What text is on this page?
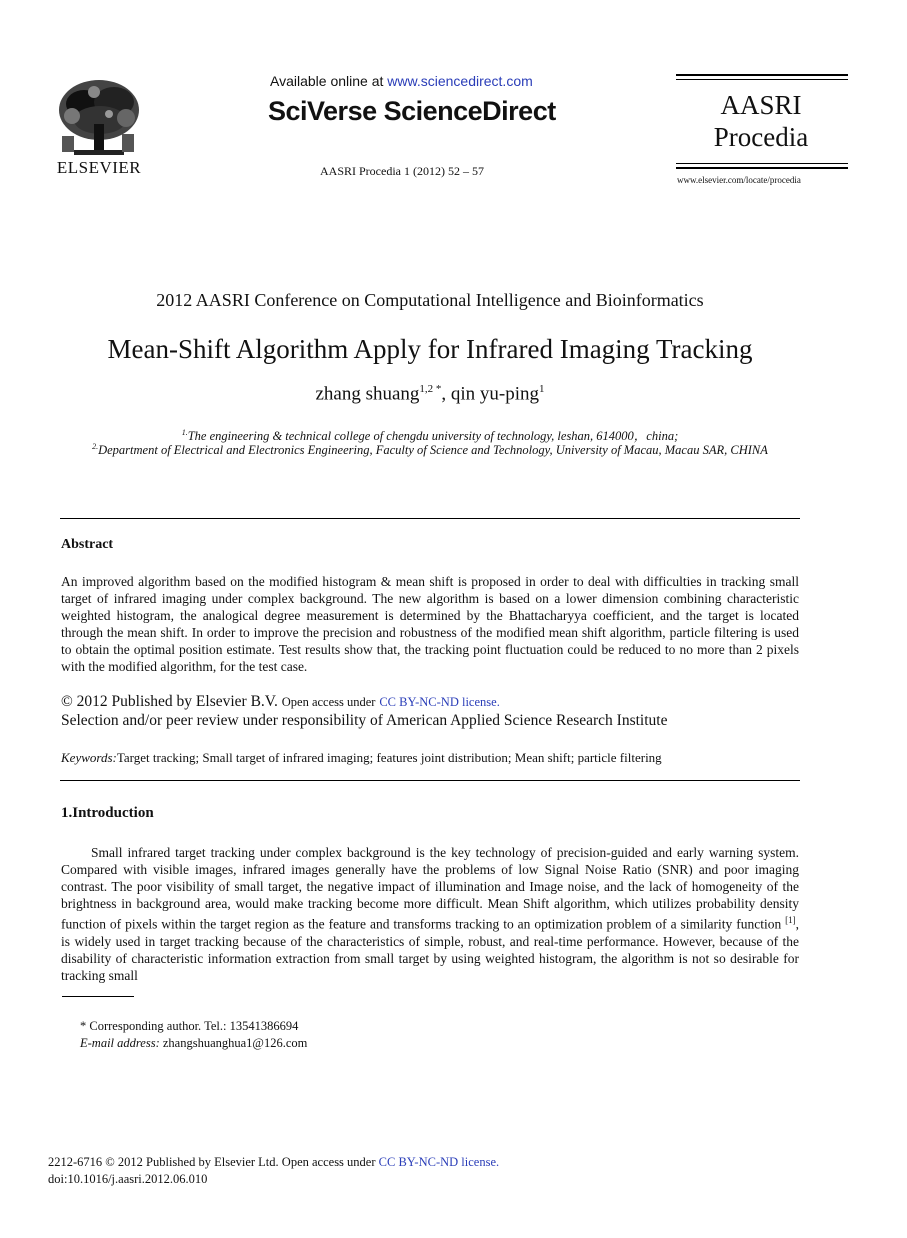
ELSEVIER
Available online at www.sciencedirect.com
SciVerse ScienceDirect
AASRI Procedia 1 (2012) 52 – 57
AASRI
Procedia
www.elsevier.com/locate/procedia
2012 AASRI Conference on Computational Intelligence and Bioinformatics
Mean-Shift Algorithm Apply for Infrared Imaging Tracking
zhang shuang$^{1,2 *}$, qin yu-ping$^1$
$^{1.}$The engineering & technical college of chengdu university of technology, leshan, 614000，china;
$^{2.}$Department of Electrical and Electronics Engineering, Faculty of Science and Technology, University of Macau, Macau SAR, CHINA
Abstract
An improved algorithm based on the modified histogram & mean shift is proposed in order to deal with difficulties in tracking small target of infrared imaging under complex background. The new algorithm is based on a lower dimension combining characteristic weighted histogram, the analogical degree measurement is determined by the Bhattacharyya coefficient, and the target is located through the mean shift. In order to improve the precision and robustness of the modified mean shift algorithm, particle filtering is used to obtain the optimal position estimate. Test results show that, the tracking point fluctuation could be reduced to no more than 2 pixels with the modified algorithm, for the test case.
© 2012 Published by Elsevier B.V. Open access under CC BY-NC-ND license.
Selection and/or peer review under responsibility of American Applied Science Research Institute
Keywords:Target tracking; Small target of infrared imaging; features joint distribution; Mean shift; particle filtering
1.Introduction
Small infrared target tracking under complex background is the key technology of precision-guided and early warning system. Compared with visible images, infrared images generally have the problems of low Signal Noise Ratio (SNR) and poor imaging contrast. The poor visibility of small target, the negative impact of illumination and Image noise, and the lack of homogeneity of the brightness in background area, would make tracking become more difficult. Mean Shift algorithm, which utilizes probability density function of pixels within the target region as the feature and transforms tracking to an optimization problem of a similarity function [1], is widely used in target tracking because of the characteristics of simple, robust, and real-time performance. However, because of the disability of characteristic information extraction from small target by using weighted histogram, the algorithm is not so desirable for tracking small
* Corresponding author. Tel.: 13541386694
E-mail address: zhangshuanghua1@126.com
2212-6716 © 2012 Published by Elsevier Ltd. Open access under CC BY-NC-ND license.
doi:10.1016/j.aasri.2012.06.010
